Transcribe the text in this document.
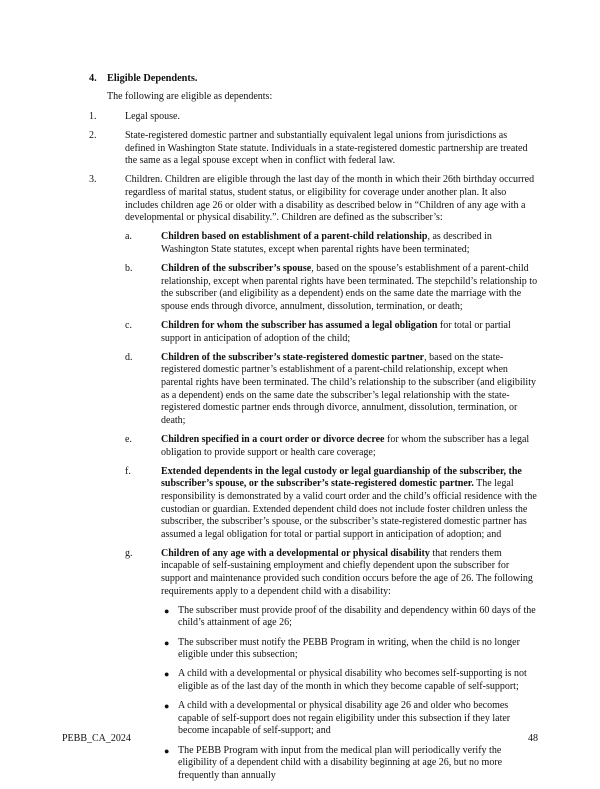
4. Eligible Dependents.
The following are eligible as dependents:
1.	Legal spouse.
2.	State-registered domestic partner and substantially equivalent legal unions from jurisdictions as defined in Washington State statute. Individuals in a state-registered domestic partnership are treated the same as a legal spouse except when in conflict with federal law.
3.	Children. Children are eligible through the last day of the month in which their 26th birthday occurred regardless of marital status, student status, or eligibility for coverage under another plan. It also includes children age 26 or older with a disability as described below in “Children of any age with a developmental or physical disability.”. Children are defined as the subscriber’s:
a.	Children based on establishment of a parent-child relationship, as described in Washington State statutes, except when parental rights have been terminated;
b.	Children of the subscriber’s spouse, based on the spouse’s establishment of a parent-child relationship, except when parental rights have been terminated. The stepchild’s relationship to the subscriber (and eligibility as a dependent) ends on the same date the marriage with the spouse ends through divorce, annulment, dissolution, termination, or death;
c.	Children for whom the subscriber has assumed a legal obligation for total or partial support in anticipation of adoption of the child;
d.	Children of the subscriber’s state-registered domestic partner, based on the state-registered domestic partner’s establishment of a parent-child relationship, except when parental rights have been terminated. The child’s relationship to the subscriber (and eligibility as a dependent) ends on the same date the subscriber’s legal relationship with the state-registered domestic partner ends through divorce, annulment, dissolution, termination, or death;
e.	Children specified in a court order or divorce decree for whom the subscriber has a legal obligation to provide support or health care coverage;
f.	Extended dependents in the legal custody or legal guardianship of the subscriber, the subscriber’s spouse, or the subscriber’s state-registered domestic partner. The legal responsibility is demonstrated by a valid court order and the child’s official residence with the custodian or guardian. Extended dependent child does not include foster children unless the subscriber, the subscriber’s spouse, or the subscriber’s state-registered domestic partner has assumed a legal obligation for total or partial support in anticipation of adoption; and
g.	Children of any age with a developmental or physical disability that renders them incapable of self-sustaining employment and chiefly dependent upon the subscriber for support and maintenance provided such condition occurs before the age of 26. The following requirements apply to a dependent child with a disability:
● The subscriber must provide proof of the disability and dependency within 60 days of the child’s attainment of age 26;
● The subscriber must notify the PEBB Program in writing, when the child is no longer eligible under this subsection;
● A child with a developmental or physical disability who becomes self-supporting is not eligible as of the last day of the month in which they become capable of self-support;
● A child with a developmental or physical disability age 26 and older who becomes capable of self-support does not regain eligibility under this subsection if they later become incapable of self-support; and
● The PEBB Program with input from the medical plan will periodically verify the eligibility of a dependent child with a disability beginning at age 26, but no more frequently than annually
PEBB_CA_2024	48
